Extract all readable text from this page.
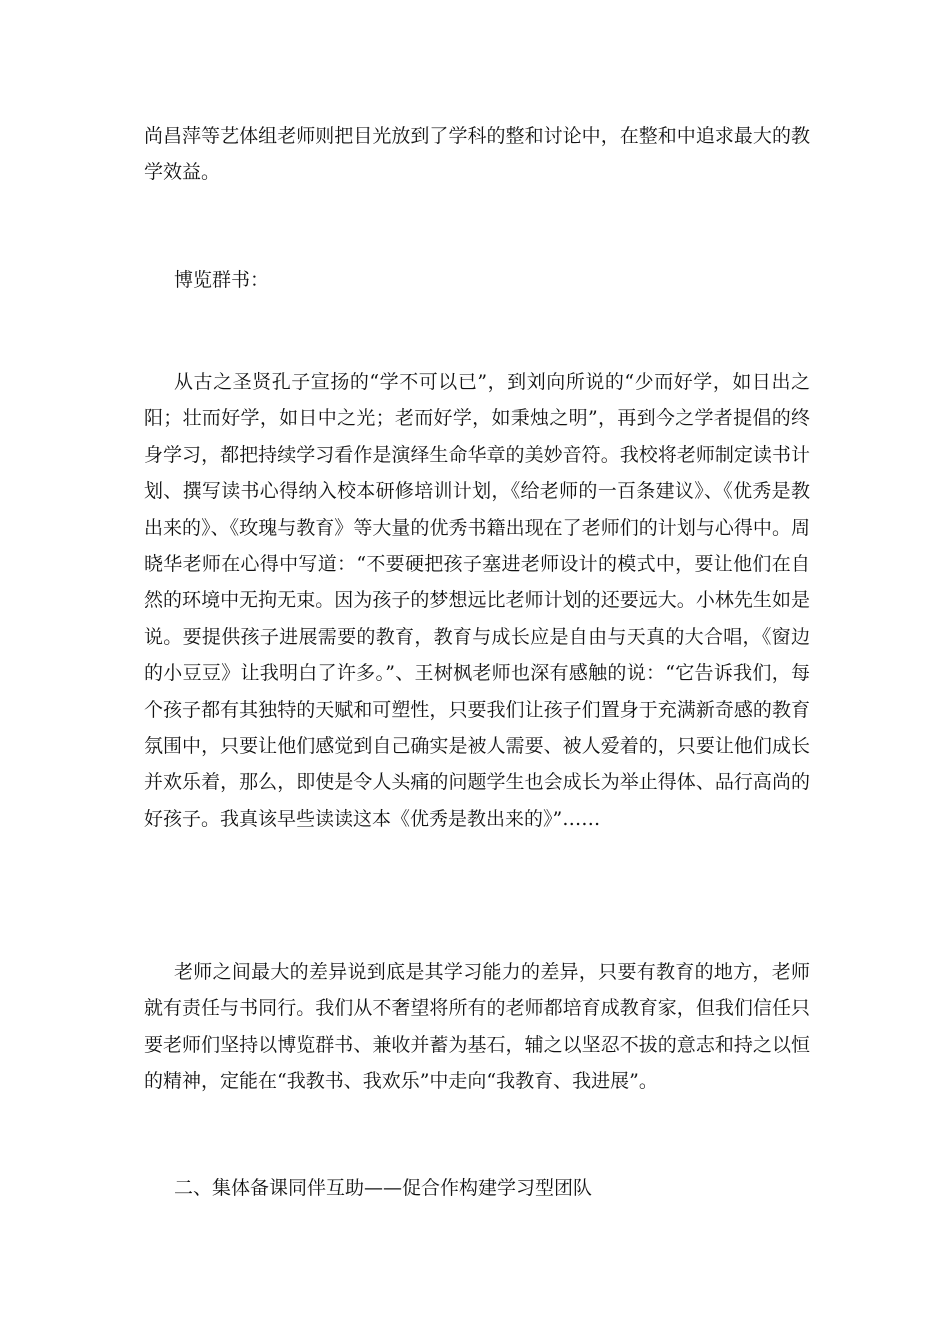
尚昌萍等艺体组老师则把目光放到了学科的整和讨论中，在整和中追求最大的教学效益。

博览群书：

从古之圣贤孔子宣扬的“学不可以已”，到刘向所说的“少而好学，如日出之阳；壮而好学，如日中之光；老而好学，如秉烛之明”，再到今之学者提倡的终身学习，都把持续学习看作是演绎生命华章的美妙音符。我校将老师制定读书计划、撰写读书心得纳入校本研修培训计划，《给老师的一百条建议》、《优秀是教出来的》、《玫瑰与教育》等大量的优秀书籍出现在了老师们的计划与心得中。周晓华老师在心得中写道：“不要硬把孩子塞进老师设计的模式中，要让他们在自然的环境中无拘无束。因为孩子的梦想远比老师计划的还要远大。小林先生如是说。要提供孩子进展需要的教育，教育与成长应是自由与天真的大合唱，《窗边的小豆豆》让我明白了许多。”、王树枫老师也深有感触的说：“它告诉我们，每个孩子都有其独特的天赋和可塑性，只要我们让孩子们置身于充满新奇感的教育氛围中，只要让他们感觉到自己确实是被人需要、被人爱着的，只要让他们成长并欢乐着，那么，即使是令人头痛的问题学生也会成长为举止得体、品行高尚的好孩子。我真该早些读读这本《优秀是教出来的》”……

老师之间最大的差异说到底是其学习能力的差异，只要有教育的地方，老师就有责任与书同行。我们从不奢望将所有的老师都培育成教育家，但我们信任只要老师们坚持以博览群书、兼收并蓄为基石，辅之以坚忍不拔的意志和持之以恒的精神，定能在“我教书、我欢乐”中走向“我教育、我进展”。

二、集体备课同伴互助——促合作构建学习型团队
